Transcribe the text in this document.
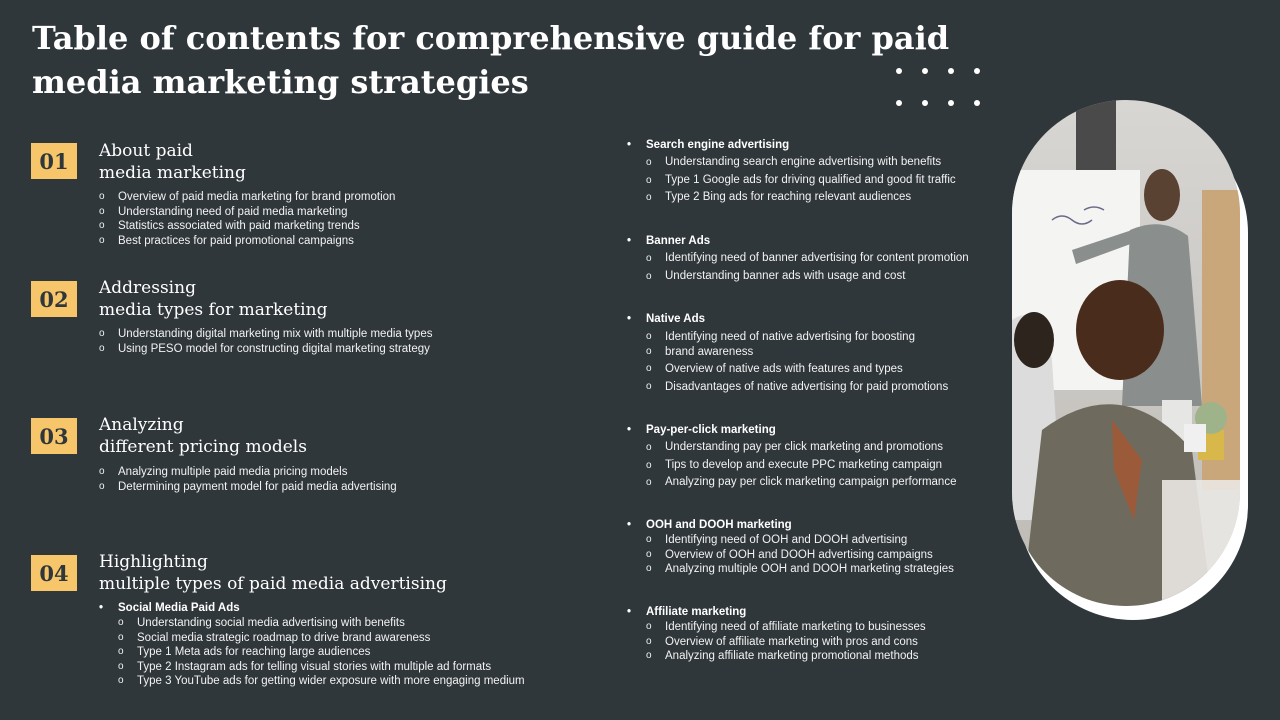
Table of contents for comprehensive guide for paid media marketing strategies
01	About paid
media marketing
o Overview of paid media marketing for brand promotion
o Understanding need of paid media marketing
o Statistics associated with paid marketing trends
o Best practices for paid promotional campaigns
02	Addressing
media types for marketing
o Understanding digital marketing mix with multiple media types
o Using PESO model for constructing digital marketing strategy
03	Analyzing
different pricing models
o Analyzing multiple paid media pricing models
o Determining payment model for paid media advertising
04	Highlighting
multiple types of paid media advertising
• Social Media Paid Ads
o Understanding social media advertising with benefits
o Social media strategic roadmap to drive brand awareness
o Type 1 Meta ads for reaching large audiences
o Type 2 Instagram ads for telling visual stories with multiple ad formats
o Type 3 YouTube ads for getting wider exposure with more engaging medium
• Search engine advertising
o Understanding search engine advertising with benefits
o Type 1 Google ads for driving qualified and good fit traffic
o Type 2 Bing ads for reaching relevant audiences
• Banner Ads
o Identifying need of banner advertising for content promotion
o Understanding banner ads with usage and cost
• Native Ads
o Identifying need of native advertising for boosting
o brand awareness
o Overview of native ads with features and types
o Disadvantages of native advertising for paid promotions
• Pay-per-click marketing
o Understanding pay per click marketing and promotions
o Tips to develop and execute PPC marketing campaign
o Analyzing pay per click marketing campaign performance
• OOH and DOOH marketing
o Identifying need of OOH and DOOH advertising
o Overview of OOH and DOOH advertising campaigns
o Analyzing multiple OOH and DOOH marketing strategies
• Affiliate marketing
o Identifying need of affiliate marketing to businesses
o Overview of affiliate marketing with pros and cons
o Analyzing affiliate marketing promotional methods
